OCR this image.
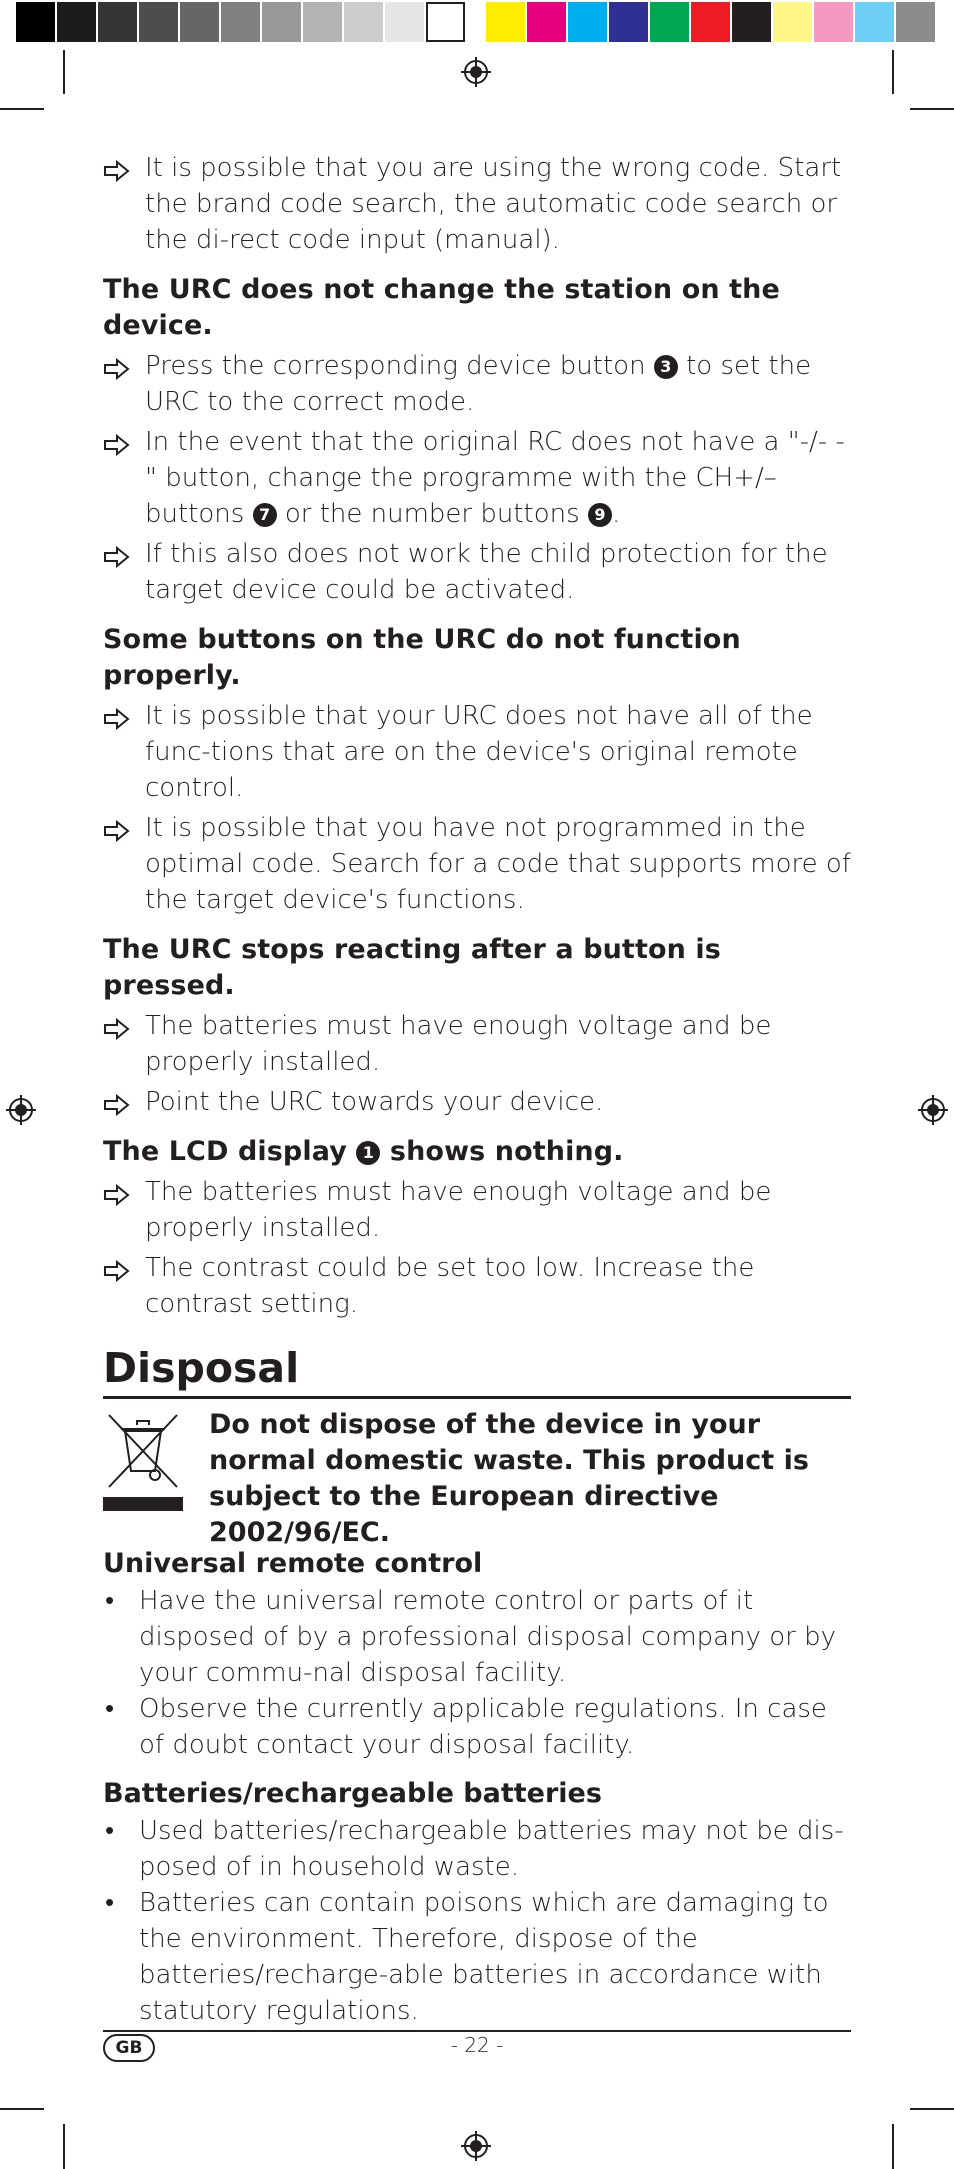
It is possible that you are using the wrong code. Start the brand code search, the automatic code search or the di-rect code input (manual).

The URC does not change the station on the device.

Press the corresponding device button 3 to set the URC to the correct mode.

In the event that the original RC does not have a "-/- -" button, change the programme with the CH+/– buttons 7 or the number buttons 9 .

If this also does not work the child protection for the target device could be activated.

Some buttons on the URC do not function properly.

It is possible that your URC does not have all of the func-tions that are on the device's original remote control.

It is possible that you have not programmed in the optimal code. Search for a code that supports more of the target device's functions.

The URC stops reacting after a button is pressed.

The batteries must have enough voltage and be properly installed.

Point the URC towards your device.

The LCD display 1 shows nothing.

The batteries must have enough voltage and be properly installed.

The contrast could be set too low. Increase the contrast setting.

Disposal
Do not dispose of the device in your normal domestic waste. This product is subject to the European directive 2002/96/EC.

Universal remote control

• Have the universal remote control or parts of it disposed of by a professional disposal company or by your commu-nal disposal facility.

• Observe the currently applicable regulations. In case of doubt contact your disposal facility.

Batteries/rechargeable batteries

• Used batteries/rechargeable batteries may not be dis-posed of in household waste.

• Batteries can contain poisons which are damaging to the environment. Therefore, dispose of the batteries/recharge-able batteries in accordance with statutory regulations.

GB	- 22 -
